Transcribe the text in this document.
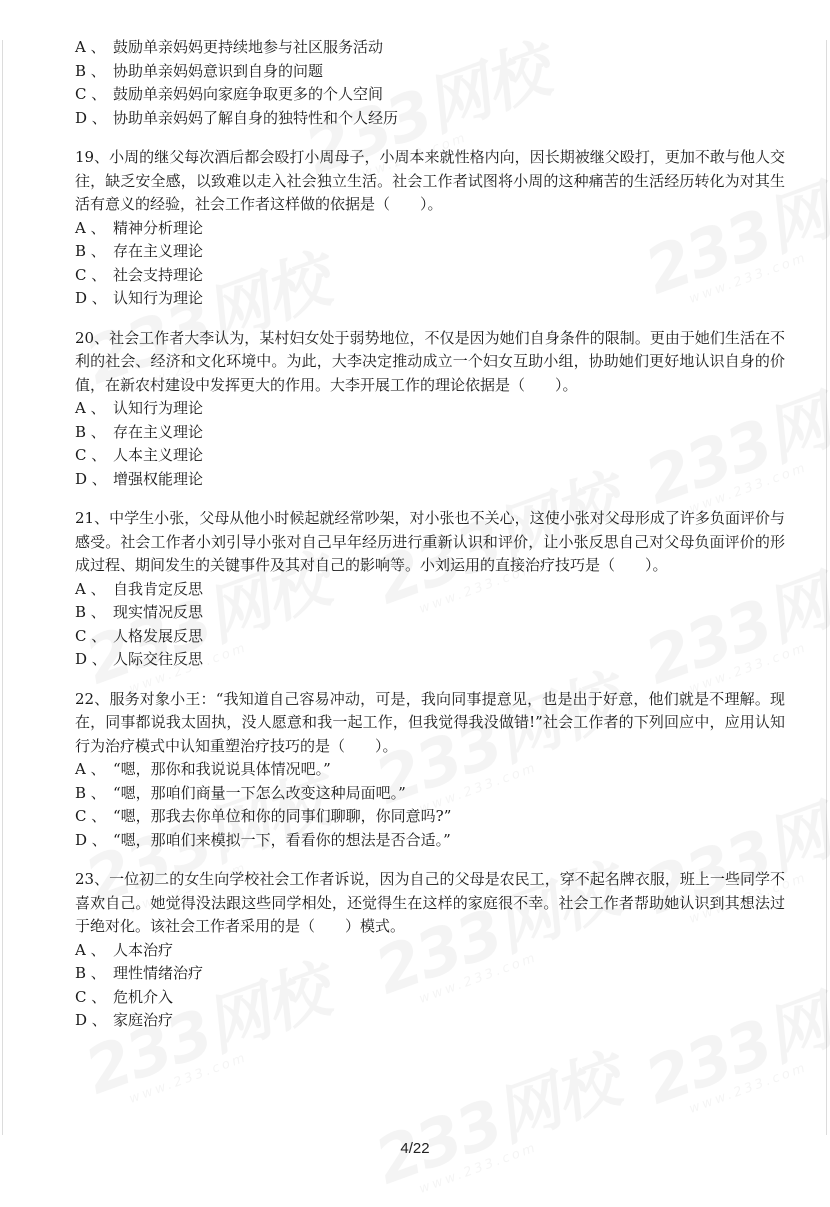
A 、 鼓励单亲妈妈更持续地参与社区服务活动
B 、 协助单亲妈妈意识到自身的问题
C 、 鼓励单亲妈妈向家庭争取更多的个人空间
D 、 协助单亲妈妈了解自身的独特性和个人经历
19、小周的继父每次酒后都会殴打小周母子，小周本来就性格内向，因长期被继父殴打，更加不敢与他人交往，缺乏安全感，以致难以走入社会独立生活。社会工作者试图将小周的这种痛苦的生活经历转化为对其生活有意义的经验，社会工作者这样做的依据是（　　）。
A 、 精神分析理论
B 、 存在主义理论
C 、 社会支持理论
D 、 认知行为理论
20、社会工作者大李认为，某村妇女处于弱势地位，不仅是因为她们自身条件的限制。更由于她们生活在不利的社会、经济和文化环境中。为此，大李决定推动成立一个妇女互助小组，协助她们更好地认识自身的价值，在新农村建设中发挥更大的作用。大李开展工作的理论依据是（　　）。
A 、 认知行为理论
B 、 存在主义理论
C 、 人本主义理论
D 、 增强权能理论
21、中学生小张，父母从他小时候起就经常吵架，对小张也不关心，这使小张对父母形成了许多负面评价与感受。社会工作者小刘引导小张对自己早年经历进行重新认识和评价，让小张反思自己对父母负面评价的形成过程、期间发生的关键事件及其对自己的影响等。小刘运用的直接治疗技巧是（　　）。
A 、 自我肯定反思
B 、 现实情况反思
C 、 人格发展反思
D 、 人际交往反思
22、服务对象小王：“我知道自己容易冲动，可是，我向同事提意见，也是出于好意，他们就是不理解。现在，同事都说我太固执，没人愿意和我一起工作，但我觉得我没做错!”社会工作者的下列回应中，应用认知行为治疗模式中认知重塑治疗技巧的是（　　）。
A 、 “嗯，那你和我说说具体情况吧。”
B 、 “嗯，那咱们商量一下怎么改变这种局面吧。”
C 、 “嗯，那我去你单位和你的同事们聊聊，你同意吗?”
D 、 “嗯，那咱们来模拟一下，看看你的想法是否合适。”
23、一位初二的女生向学校社会工作者诉说，因为自己的父母是农民工，穿不起名牌衣服，班上一些同学不喜欢自己。她觉得没法跟这些同学相处，还觉得生在这样的家庭很不幸。社会工作者帮助她认识到其想法过于绝对化。该社会工作者采用的是（　　）模式。
A 、 人本治疗
B 、 理性情绪治疗
C 、 危机介入
D 、 家庭治疗
4/22
